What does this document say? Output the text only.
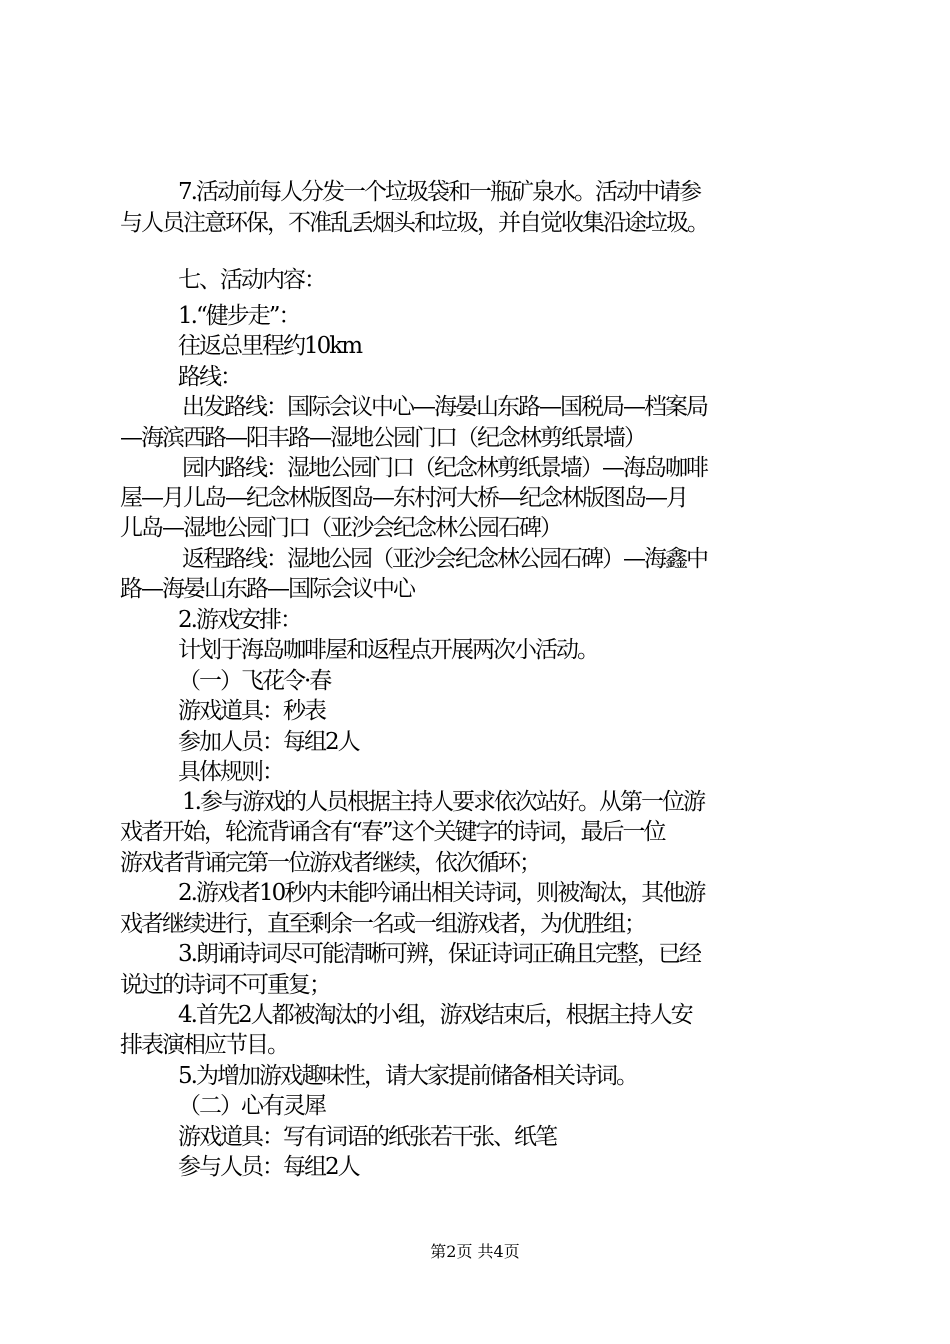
7.活动前每人分发一个垃圾袋和一瓶矿泉水。活动中请参
与人员注意环保，不准乱丢烟头和垃圾，并自觉收集沿途垃圾。
七、活动内容：
1.“健步走”：
往返总里程约10km
路线：
出发路线：国际会议中心—海晏山东路—国税局—档案局
—海滨西路—阳丰路—湿地公园门口（纪念林剪纸景墙）
园内路线：湿地公园门口（纪念林剪纸景墙）—海岛咖啡
屋—月儿岛—纪念林版图岛—东村河大桥—纪念林版图岛—月
儿岛—湿地公园门口（亚沙会纪念林公园石碑）
返程路线：湿地公园（亚沙会纪念林公园石碑）—海鑫中
路—海晏山东路—国际会议中心
2.游戏安排：
计划于海岛咖啡屋和返程点开展两次小活动。
（一）飞花令·春
游戏道具：秒表
参加人员：每组2人
具体规则：
1.参与游戏的人员根据主持人要求依次站好。从第一位游
戏者开始，轮流背诵含有“春”这个关键字的诗词，最后一位
游戏者背诵完第一位游戏者继续，依次循环；
2.游戏者10秒内未能吟诵出相关诗词，则被淘汰，其他游
戏者继续进行，直至剩余一名或一组游戏者，为优胜组；
3.朗诵诗词尽可能清晰可辨，保证诗词正确且完整，已经
说过的诗词不可重复；
4.首先2人都被淘汰的小组，游戏结束后，根据主持人安
排表演相应节目。
5.为增加游戏趣味性，请大家提前储备相关诗词。
（二）心有灵犀
游戏道具：写有词语的纸张若干张、纸笔
参与人员：每组2人
第2页 共4页
